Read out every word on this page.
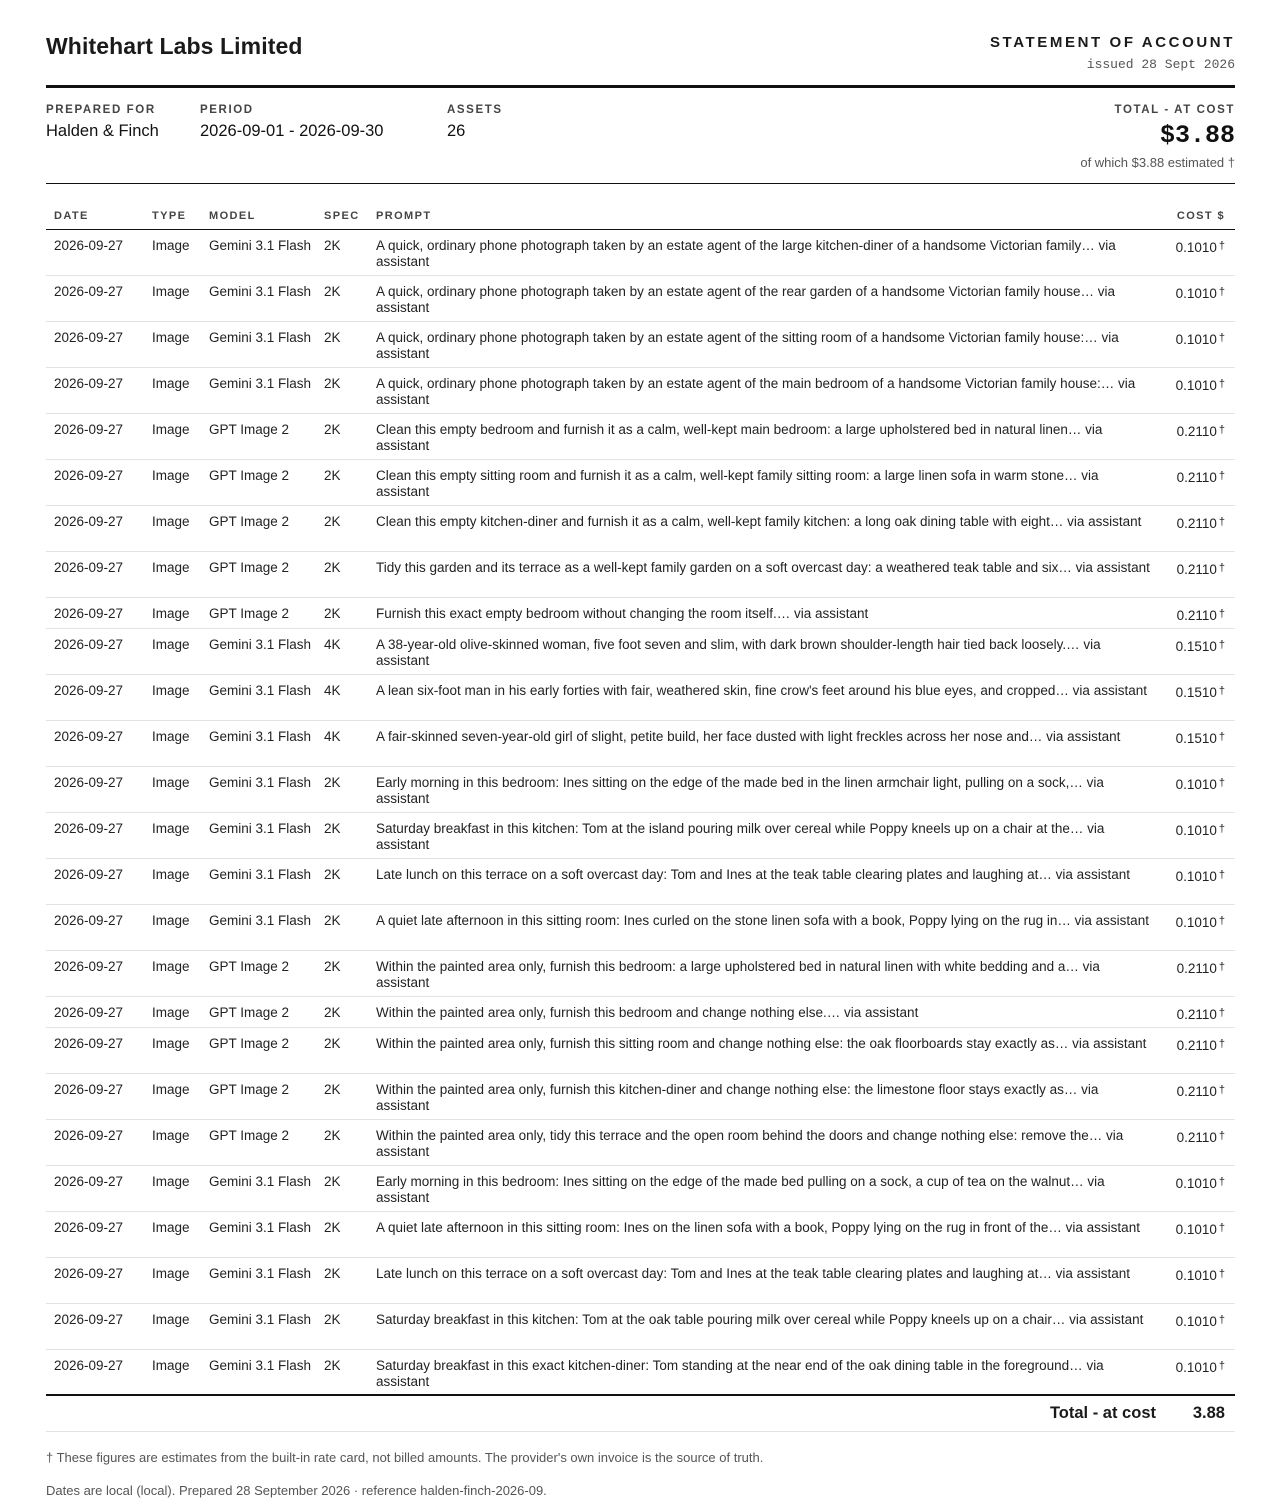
Whitehart Labs Limited	STATEMENT OF ACCOUNT
issued 28 Sept 2026
PREPARED FOR
Halden & Finch
PERIOD
2026-09-01 - 2026-09-30
ASSETS
26
TOTAL - AT COST
$3.88
of which $3.88 estimated †
DATE	TYPE	MODEL	SPEC	PROMPT	COST $
2026-09-27	Image	Gemini 3.1 Flash	2K	A quick, ordinary phone photograph taken by an estate agent of the large kitchen-diner of a handsome Victorian family… via assistant	0.1010 †
2026-09-27	Image	Gemini 3.1 Flash	2K	A quick, ordinary phone photograph taken by an estate agent of the rear garden of a handsome Victorian family house… via assistant	0.1010 †
2026-09-27	Image	Gemini 3.1 Flash	2K	A quick, ordinary phone photograph taken by an estate agent of the sitting room of a handsome Victorian family house:… via assistant	0.1010 †
2026-09-27	Image	Gemini 3.1 Flash	2K	A quick, ordinary phone photograph taken by an estate agent of the main bedroom of a handsome Victorian family house:… via assistant	0.1010 †
2026-09-27	Image	GPT Image 2	2K	Clean this empty bedroom and furnish it as a calm, well-kept main bedroom: a large upholstered bed in natural linen… via assistant	0.2110 †
2026-09-27	Image	GPT Image 2	2K	Clean this empty sitting room and furnish it as a calm, well-kept family sitting room: a large linen sofa in warm stone… via assistant	0.2110 †
2026-09-27	Image	GPT Image 2	2K	Clean this empty kitchen-diner and furnish it as a calm, well-kept family kitchen: a long oak dining table with eight… via assistant	0.2110 †
2026-09-27	Image	GPT Image 2	2K	Tidy this garden and its terrace as a well-kept family garden on a soft overcast day: a weathered teak table and six… via assistant	0.2110 †
2026-09-27	Image	GPT Image 2	2K	Furnish this exact empty bedroom without changing the room itself.… via assistant	0.2110 †
2026-09-27	Image	Gemini 3.1 Flash	4K	A 38-year-old olive-skinned woman, five foot seven and slim, with dark brown shoulder-length hair tied back loosely.… via assistant	0.1510 †
2026-09-27	Image	Gemini 3.1 Flash	4K	A lean six-foot man in his early forties with fair, weathered skin, fine crow's feet around his blue eyes, and cropped… via assistant	0.1510 †
2026-09-27	Image	Gemini 3.1 Flash	4K	A fair-skinned seven-year-old girl of slight, petite build, her face dusted with light freckles across her nose and… via assistant	0.1510 †
2026-09-27	Image	Gemini 3.1 Flash	2K	Early morning in this bedroom: Ines sitting on the edge of the made bed in the linen armchair light, pulling on a sock,… via assistant	0.1010 †
2026-09-27	Image	Gemini 3.1 Flash	2K	Saturday breakfast in this kitchen: Tom at the island pouring milk over cereal while Poppy kneels up on a chair at the… via assistant	0.1010 †
2026-09-27	Image	Gemini 3.1 Flash	2K	Late lunch on this terrace on a soft overcast day: Tom and Ines at the teak table clearing plates and laughing at… via assistant	0.1010 †
2026-09-27	Image	Gemini 3.1 Flash	2K	A quiet late afternoon in this sitting room: Ines curled on the stone linen sofa with a book, Poppy lying on the rug in… via assistant	0.1010 †
2026-09-27	Image	GPT Image 2	2K	Within the painted area only, furnish this bedroom: a large upholstered bed in natural linen with white bedding and a… via assistant	0.2110 †
2026-09-27	Image	GPT Image 2	2K	Within the painted area only, furnish this bedroom and change nothing else.… via assistant	0.2110 †
2026-09-27	Image	GPT Image 2	2K	Within the painted area only, furnish this sitting room and change nothing else: the oak floorboards stay exactly as… via assistant	0.2110 †
2026-09-27	Image	GPT Image 2	2K	Within the painted area only, furnish this kitchen-diner and change nothing else: the limestone floor stays exactly as… via assistant	0.2110 †
2026-09-27	Image	GPT Image 2	2K	Within the painted area only, tidy this terrace and the open room behind the doors and change nothing else: remove the… via assistant	0.2110 †
2026-09-27	Image	Gemini 3.1 Flash	2K	Early morning in this bedroom: Ines sitting on the edge of the made bed pulling on a sock, a cup of tea on the walnut… via assistant	0.1010 †
2026-09-27	Image	Gemini 3.1 Flash	2K	A quiet late afternoon in this sitting room: Ines on the linen sofa with a book, Poppy lying on the rug in front of the… via assistant	0.1010 †
2026-09-27	Image	Gemini 3.1 Flash	2K	Late lunch on this terrace on a soft overcast day: Tom and Ines at the teak table clearing plates and laughing at… via assistant	0.1010 †
2026-09-27	Image	Gemini 3.1 Flash	2K	Saturday breakfast in this kitchen: Tom at the oak table pouring milk over cereal while Poppy kneels up on a chair… via assistant	0.1010 †
2026-09-27	Image	Gemini 3.1 Flash	2K	Saturday breakfast in this exact kitchen-diner: Tom standing at the near end of the oak dining table in the foreground… via assistant	0.1010 †
Total - at cost 3.88
† These figures are estimates from the built-in rate card, not billed amounts. The provider's own invoice is the source of truth.
Dates are local (local). Prepared 28 September 2026 · reference halden-finch-2026-09.
